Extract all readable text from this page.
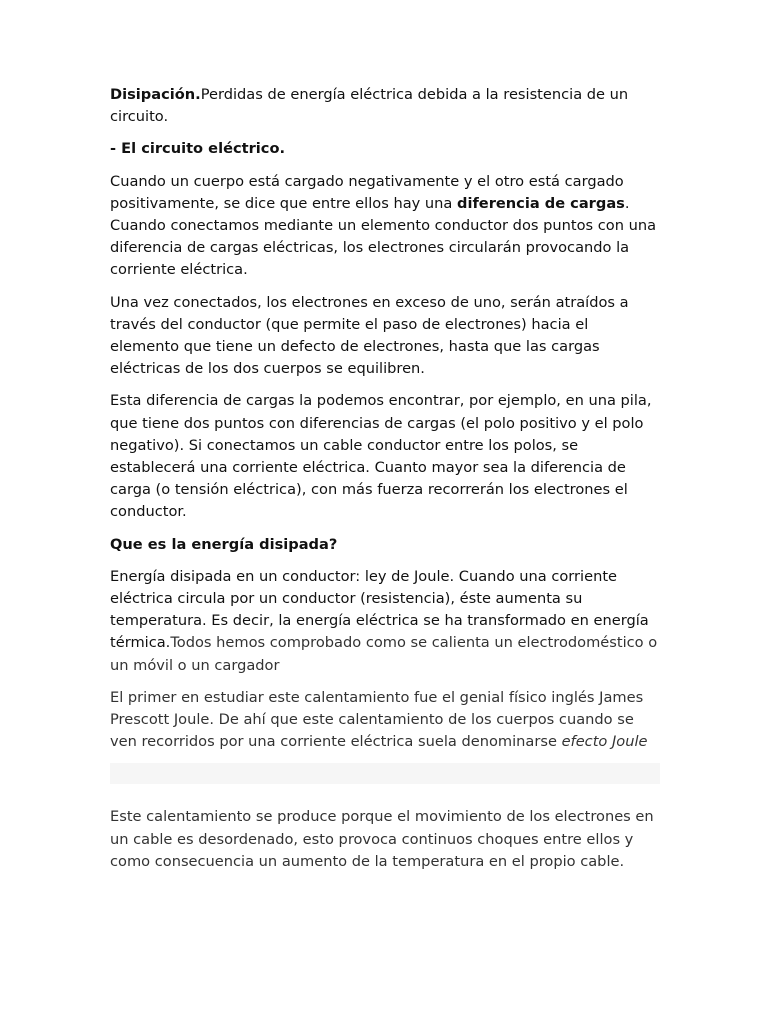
Disipación.Perdidas de energía eléctrica debida a la resistencia de un circuito.

- El circuito eléctrico.

Cuando un cuerpo está cargado negativamente y el otro está cargado positivamente, se dice que entre ellos hay una diferencia de cargas. Cuando conectamos mediante un elemento conductor dos puntos con una diferencia de cargas eléctricas, los electrones circularán provocando la corriente eléctrica.

Una vez conectados, los electrones en exceso de uno, serán atraídos a través del conductor (que permite el paso de electrones) hacia el elemento que tiene un defecto de electrones, hasta que las cargas eléctricas de los dos cuerpos se equilibren.

Esta diferencia de cargas la podemos encontrar, por ejemplo, en una pila, que tiene dos puntos con diferencias de cargas (el polo positivo y el polo negativo). Si conectamos un cable conductor entre los polos, se establecerá una corriente eléctrica. Cuanto mayor sea la diferencia de carga (o tensión eléctrica), con más fuerza recorrerán los electrones el conductor.

Que es la energía disipada?

Energía disipada en un conductor: ley de Joule. Cuando una corriente eléctrica circula por un conductor (resistencia), éste aumenta su temperatura. Es decir, la energía eléctrica se ha transformado en energía térmica.Todos hemos comprobado como se calienta un electrodoméstico o un móvil o un cargador

El primer en estudiar este calentamiento fue el genial físico inglés James Prescott Joule. De ahí que este calentamiento de los cuerpos cuando se ven recorridos por una corriente eléctrica suela denominarse efecto Joule

Este calentamiento se produce porque el movimiento de los electrones en un cable es desordenado, esto provoca continuos choques entre ellos y como consecuencia un aumento de la temperatura en el propio cable.
